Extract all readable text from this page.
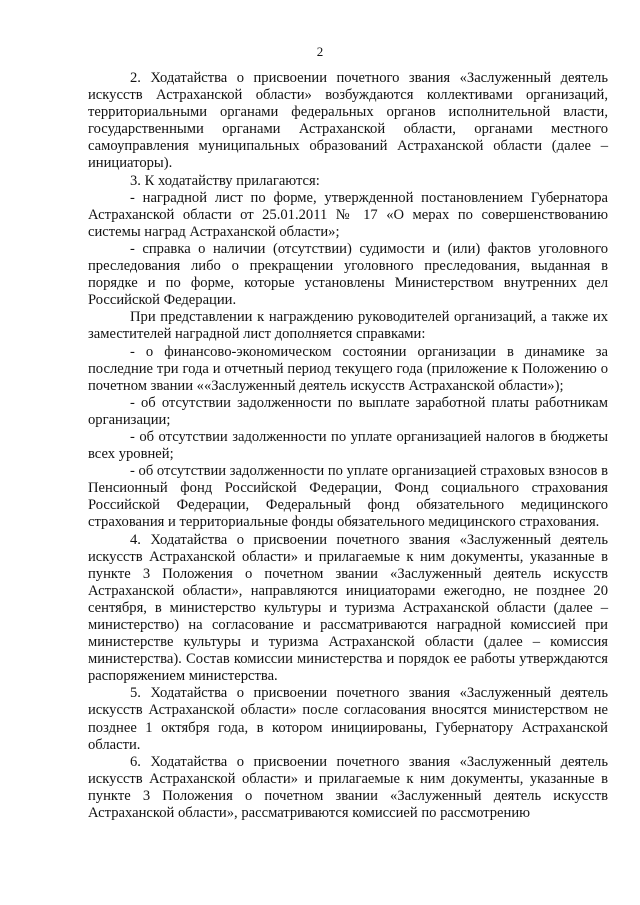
2

2. Ходатайства о присвоении почетного звания «Заслуженный деятель искусств Астраханской области» возбуждаются коллективами организаций, территориальными органами федеральных органов исполнительной власти, государственными органами Астраханской области, органами местного самоуправления муниципальных образований Астраханской области (далее – инициаторы).

3. К ходатайству прилагаются:

- наградной лист по форме, утвержденной постановлением Губернатора Астраханской области от 25.01.2011 № 17 «О мерах по совершенствованию системы наград Астраханской области»;

- справка о наличии (отсутствии) судимости и (или) фактов уголовного преследования либо о прекращении уголовного преследования, выданная в порядке и по форме, которые установлены Министерством внутренних дел Российской Федерации.

При представлении к награждению руководителей организаций, а также их заместителей наградной лист дополняется справками:

- о финансово-экономическом состоянии организации в динамике за последние три года и отчетный период текущего года (приложение к Положению о почетном звании ««Заслуженный деятель искусств Астраханской области»);

- об отсутствии задолженности по выплате заработной платы работникам организации;

- об отсутствии задолженности по уплате организацией налогов в бюджеты всех уровней;

- об отсутствии задолженности по уплате организацией страховых взносов в Пенсионный фонд Российской Федерации, Фонд социального страхования Российской Федерации, Федеральный фонд обязательного медицинского страхования и территориальные фонды обязательного медицинского страхования.

4. Ходатайства о присвоении почетного звания «Заслуженный деятель искусств Астраханской области» и прилагаемые к ним документы, указанные в пункте 3 Положения о почетном звании «Заслуженный деятель искусств Астраханской области», направляются инициаторами ежегодно, не позднее 20 сентября, в министерство культуры и туризма Астраханской области (далее – министерство) на согласование и рассматриваются наградной комиссией при министерстве культуры и туризма Астраханской области (далее – комиссия министерства). Состав комиссии министерства и порядок ее работы утверждаются распоряжением министерства.

5. Ходатайства о присвоении почетного звания «Заслуженный деятель искусств Астраханской области» после согласования вносятся министерством не позднее 1 октября года, в котором инициированы, Губернатору Астраханской области.

6. Ходатайства о присвоении почетного звания «Заслуженный деятель искусств Астраханской области» и прилагаемые к ним документы, указанные в пункте 3 Положения о почетном звании «Заслуженный деятель искусств Астраханской области», рассматриваются комиссией по рассмотрению
